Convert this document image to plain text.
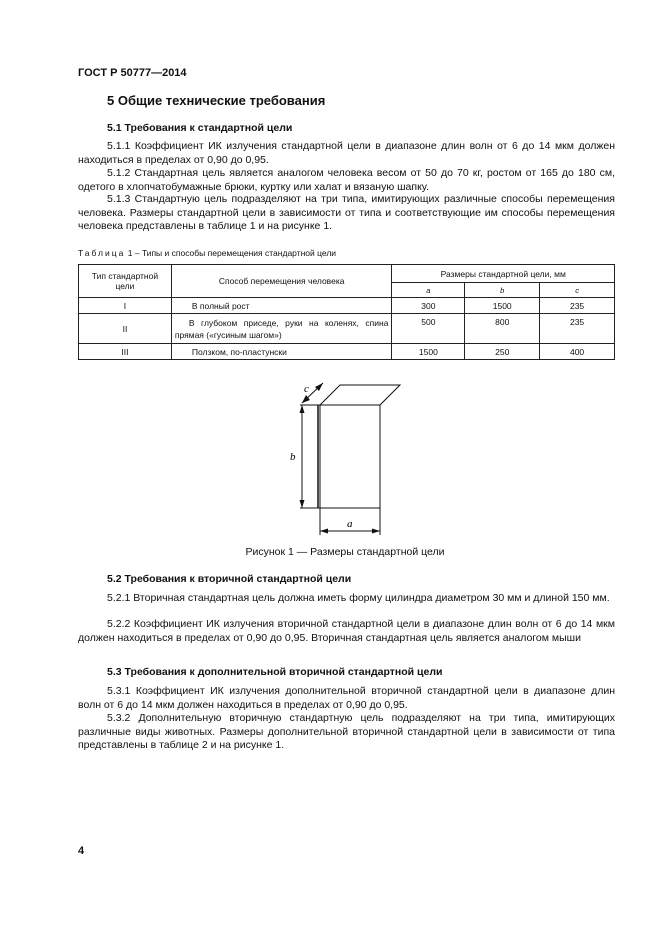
ГОСТ Р 50777—2014
5 Общие технические требования
5.1 Требования к стандартной цели
5.1.1 Коэффициент ИК излучения стандартной цели в диапазоне длин волн от 6 до 14 мкм должен находиться в пределах от 0,90 до 0,95.
5.1.2 Стандартная цель является аналогом человека весом от 50 до 70 кг, ростом от 165 до 180 см, одетого в хлопчатобумажные брюки, куртку или халат и вязаную шапку.
5.1.3 Стандартную цель подразделяют на три типа, имитирующих различные способы перемещения человека. Размеры стандартной цели в зависимости от типа и соответствующие им способы перемещения человека представлены в таблице 1 и на рисунке 1.
Таблица 1 – Типы и способы перемещения стандартной цели
Тип стандартной цели	Способ перемещения человека	Размеры стандартной цели, мм		
		a	b	c
I	В полный рост	300	1500	235
II	В глубоком приседе, руки на коленях, спина прямая («гусиным шагом»)	500	800	235
III	Ползком, по-пластунски	1500	250	400
b
a
c
Рисунок 1 — Размеры стандартной цели
5.2 Требования к вторичной стандартной цели
5.2.1 Вторичная стандартная цель должна иметь форму цилиндра диаметром 30 мм и длиной 150 мм.
5.2.2 Коэффициент ИК излучения вторичной стандартной цели в диапазоне длин волн от 6 до 14 мкм должен находиться в пределах от 0,90 до 0,95. Вторичная стандартная цель является аналогом мыши
5.3 Требования к дополнительной вторичной стандартной цели
5.3.1 Коэффициент ИК излучения дополнительной вторичной стандартной цели в диапазоне длин волн от 6 до 14 мкм должен находиться в пределах от 0,90 до 0,95.
5.3.2 Дополнительную вторичную стандартную цель подразделяют на три типа, имитирующих различные виды животных. Размеры дополнительной вторичной стандартной цели в зависимости от типа представлены в таблице 2 и на рисунке 1.
4
